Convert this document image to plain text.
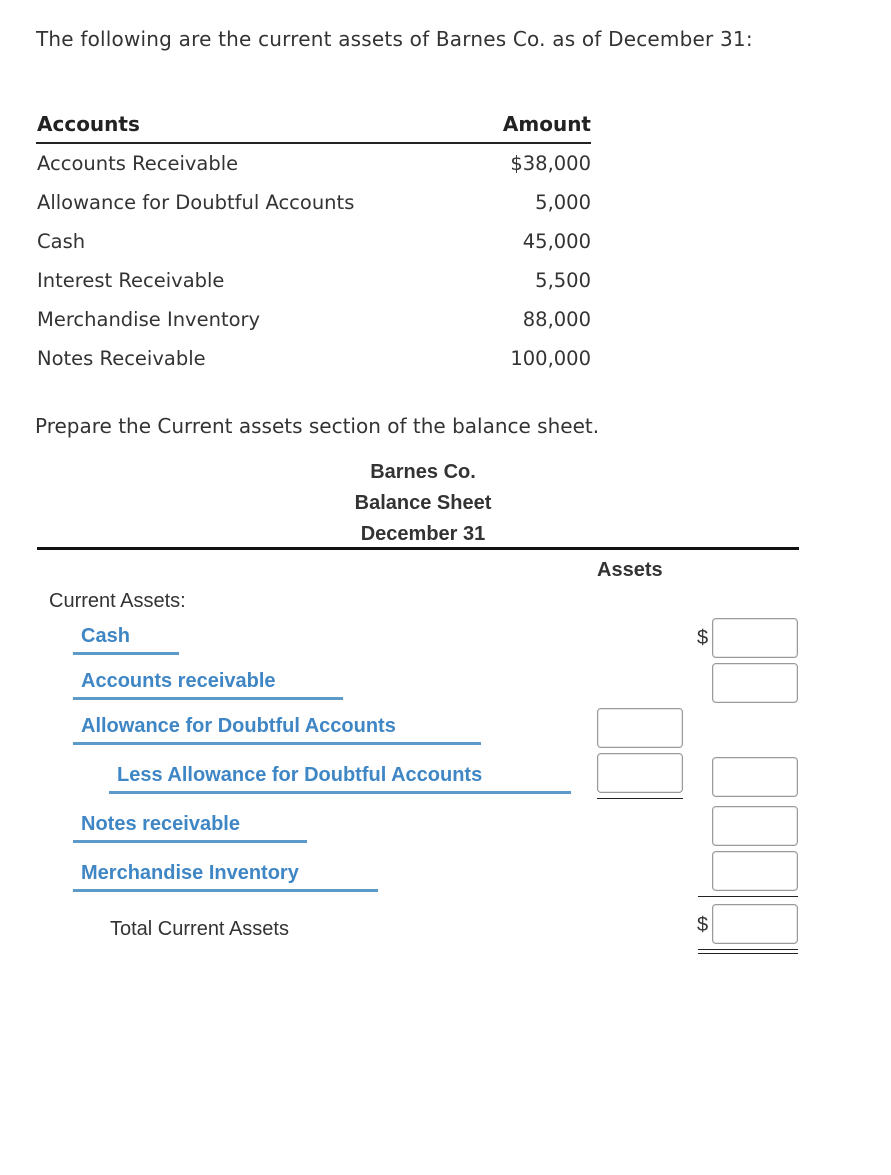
The following are the current assets of Barnes Co. as of December 31:
Accounts	Amount
Accounts Receivable	$38,000
Allowance for Doubtful Accounts	5,000
Cash	45,000
Interest Receivable	5,500
Merchandise Inventory	88,000
Notes Receivable	100,000
Prepare the Current assets section of the balance sheet.
Barnes Co.
Balance Sheet
December 31
Assets
Current Assets:
Cash	$
Accounts receivable
Allowance for Doubtful Accounts
Less Allowance for Doubtful Accounts
Notes receivable
Merchandise Inventory
Total Current Assets	$
